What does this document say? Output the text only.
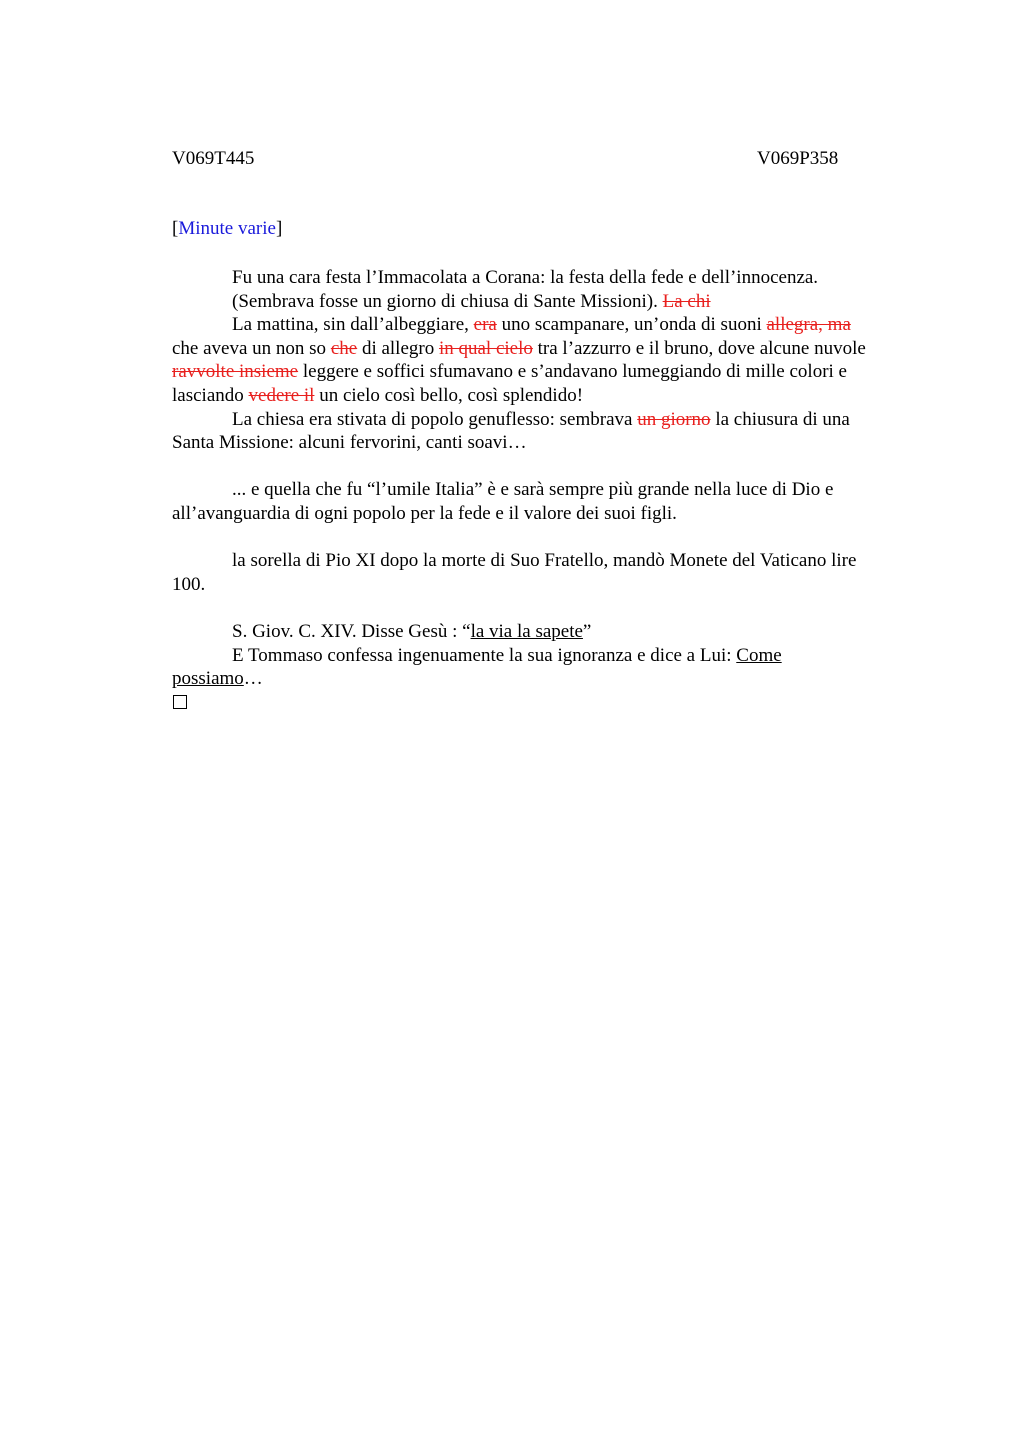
V069T445	V069P358
[Minute varie]
Fu una cara festa l’Immacolata a Corana: la festa della fede e dell’innocenza.
(Sembrava fosse un giorno di chiusa di Sante Missioni). La chi
La mattina, sin dall’albeggiare, era uno scampanare, un’onda di suoni allegra, ma
che aveva un non so che di allegro in qual cielo tra l’azzurro e il bruno, dove alcune nuvole
ravvolte insieme leggere e soffici sfumavano e s’andavano lumeggiando di mille colori e
lasciando vedere il un cielo così bello, così splendido!
La chiesa era stivata di popolo genuflesso: sembrava un giorno la chiusura di una
Santa Missione: alcuni fervorini, canti soavi…
... e quella che fu “l’umile Italia” è e sarà sempre più grande nella luce di Dio e
all’avanguardia di ogni popolo per la fede e il valore dei suoi figli.
la sorella di Pio XI dopo la morte di Suo Fratello, mandò Monete del Vaticano lire
100.
S. Giov. C. XIV. Disse Gesù : “la via la sapete”
E Tommaso confessa ingenuamente la sua ignoranza e dice a Lui: Come
possiamo…
